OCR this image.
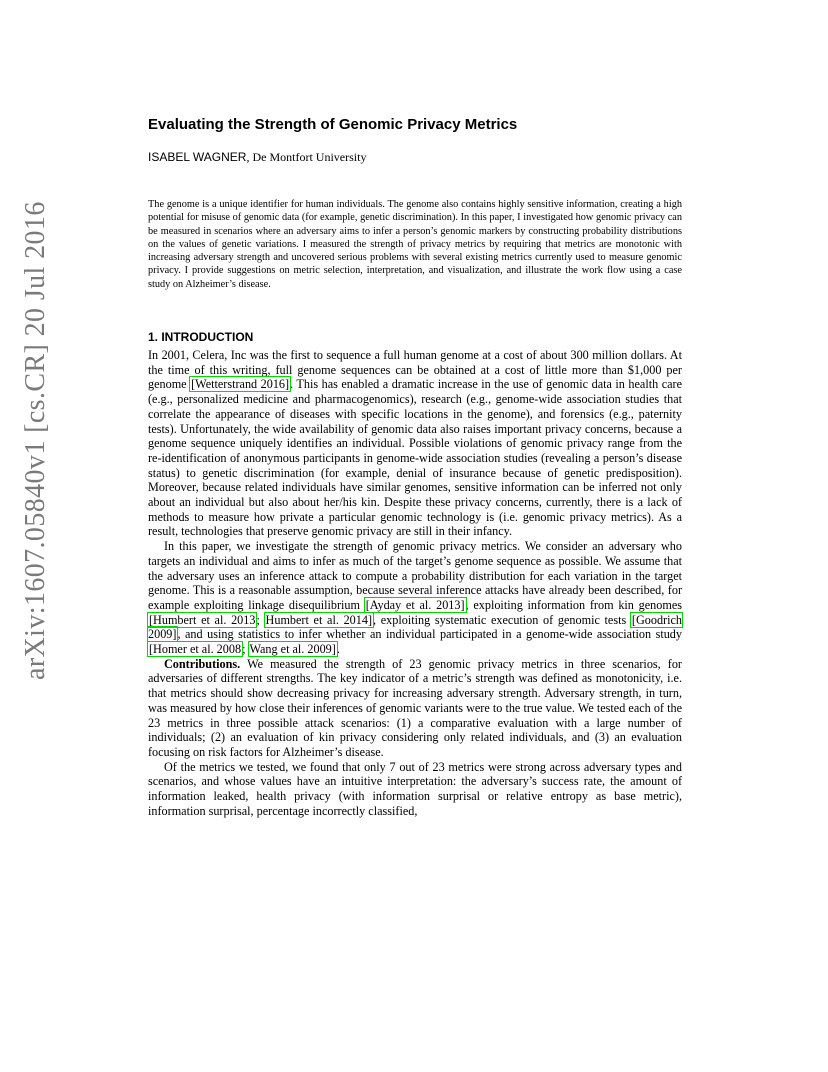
arXiv:1607.05840v1 [cs.CR] 20 Jul 2016
Evaluating the Strength of Genomic Privacy Metrics
ISABEL WAGNER, De Montfort University

The genome is a unique identifier for human individuals. The genome also contains highly sensitive information, creating a high potential for misuse of genomic data (for example, genetic discrimination). In this paper, I investigated how genomic privacy can be measured in scenarios where an adversary aims to infer a person’s genomic markers by constructing probability distributions on the values of genetic variations. I measured the strength of privacy metrics by requiring that metrics are monotonic with increasing adversary strength and uncovered serious problems with several existing metrics currently used to measure genomic privacy. I provide suggestions on metric selection, interpretation, and visualization, and illustrate the work flow using a case study on Alzheimer’s disease.

1. INTRODUCTION

In 2001, Celera, Inc was the first to sequence a full human genome at a cost of about 300 million dollars. At the time of this writing, full genome sequences can be obtained at a cost of little more than $1,000 per genome [Wetterstrand 2016]. This has enabled a dramatic increase in the use of genomic data in health care (e.g., personalized medicine and pharmacogenomics), research (e.g., genome-wide association studies that correlate the appearance of diseases with specific locations in the genome), and forensics (e.g., paternity tests). Unfortunately, the wide availability of genomic data also raises important privacy concerns, because a genome sequence uniquely identifies an individual. Possible violations of genomic privacy range from the re-identification of anonymous participants in genome-wide association studies (revealing a person’s disease status) to genetic discrimination (for example, denial of insurance because of genetic predisposition). Moreover, because related individuals have similar genomes, sensitive information can be inferred not only about an individual but also about her/his kin. Despite these privacy concerns, currently, there is a lack of methods to measure how private a particular genomic technology is (i.e. genomic privacy metrics). As a result, technologies that preserve genomic privacy are still in their infancy.

In this paper, we investigate the strength of genomic privacy metrics. We consider an adversary who targets an individual and aims to infer as much of the target’s genome sequence as possible. We assume that the adversary uses an inference attack to compute a probability distribution for each variation in the target genome. This is a reasonable assumption, because several inference attacks have already been described, for example exploiting linkage disequilibrium [Ayday et al. 2013], exploiting information from kin genomes [Humbert et al. 2013; Humbert et al. 2014], exploiting systematic execution of genomic tests [Goodrich 2009], and using statistics to infer whether an individual participated in a genome-wide association study [Homer et al. 2008; Wang et al. 2009].

Contributions. We measured the strength of 23 genomic privacy metrics in three scenarios, for adversaries of different strengths. The key indicator of a metric’s strength was defined as monotonicity, i.e. that metrics should show decreasing privacy for increasing adversary strength. Adversary strength, in turn, was measured by how close their inferences of genomic variants were to the true value. We tested each of the 23 metrics in three possible attack scenarios: (1) a comparative evaluation with a large number of individuals; (2) an evaluation of kin privacy considering only related individuals, and (3) an evaluation focusing on risk factors for Alzheimer’s disease.

Of the metrics we tested, we found that only 7 out of 23 metrics were strong across adversary types and scenarios, and whose values have an intuitive interpretation: the adversary’s success rate, the amount of information leaked, health privacy (with information surprisal or relative entropy as base metric), information surprisal, percentage incorrectly classified,
